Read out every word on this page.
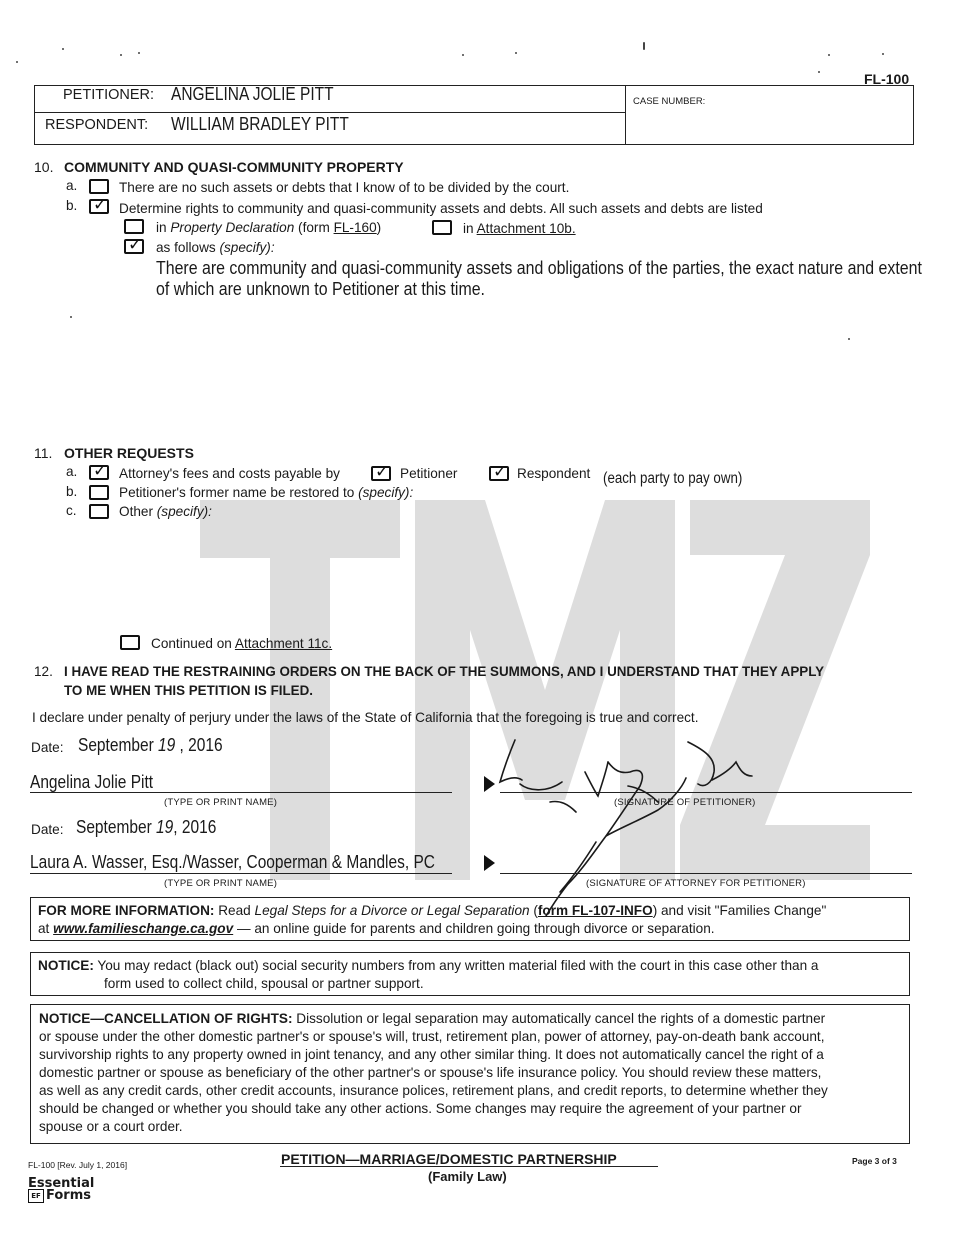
FL-100
PETITIONER: ANGELINA JOLIE PITT
RESPONDENT: WILLIAM BRADLEY PITT
CASE NUMBER:
10. COMMUNITY AND QUASI-COMMUNITY PROPERTY
a.	There are no such assets or debts that I know of to be divided by the court.
b. ✓ Determine rights to community and quasi-community assets and debts. All such assets and debts are listed
in Property Declaration (form FL-160)	in Attachment 10b.
✓ as follows (specify):
There are community and quasi-community assets and obligations of the parties, the exact nature and extent
of which are unknown to Petitioner at this time.
11. OTHER REQUESTS
a. ✓ Attorney's fees and costs payable by ✓ Petitioner ✓ Respondent (each party to pay own)
b.	Petitioner's former name be restored to (specify):
c.	Other (specify):
Continued on Attachment 11c.
12. I HAVE READ THE RESTRAINING ORDERS ON THE BACK OF THE SUMMONS, AND I UNDERSTAND THAT THEY APPLY
TO ME WHEN THIS PETITION IS FILED.
I declare under penalty of perjury under the laws of the State of California that the foregoing is true and correct.
Date: September 19 , 2016
Angelina Jolie Pitt
(TYPE OR PRINT NAME)	(SIGNATURE OF PETITIONER)
Date: September 19, 2016
Laura A. Wasser, Esq./Wasser, Cooperman & Mandles, PC
(TYPE OR PRINT NAME)	(SIGNATURE OF ATTORNEY FOR PETITIONER)
FOR MORE INFORMATION: Read Legal Steps for a Divorce or Legal Separation (form FL-107-INFO) and visit "Families Change"
at www.familieschange.ca.gov — an online guide for parents and children going through divorce or separation.
NOTICE: You may redact (black out) social security numbers from any written material filed with the court in this case other than a
form used to collect child, spousal or partner support.
NOTICE—CANCELLATION OF RIGHTS: Dissolution or legal separation may automatically cancel the rights of a domestic partner
or spouse under the other domestic partner's or spouse's will, trust, retirement plan, power of attorney, pay-on-death bank account,
survivorship rights to any property owned in joint tenancy, and any other similar thing. It does not automatically cancel the right of a
domestic partner or spouse as beneficiary of the other partner's or spouse's life insurance policy. You should review these matters,
as well as any credit cards, other credit accounts, insurance polices, retirement plans, and credit reports, to determine whether they
should be changed or whether you should take any other actions. Some changes may require the agreement of your partner or
spouse or a court order.
FL-100 [Rev. July 1, 2016]	PETITION—MARRIAGE/DOMESTIC PARTNERSHIP
(Family Law)
Page 3 of 3
Essential
EF Forms
